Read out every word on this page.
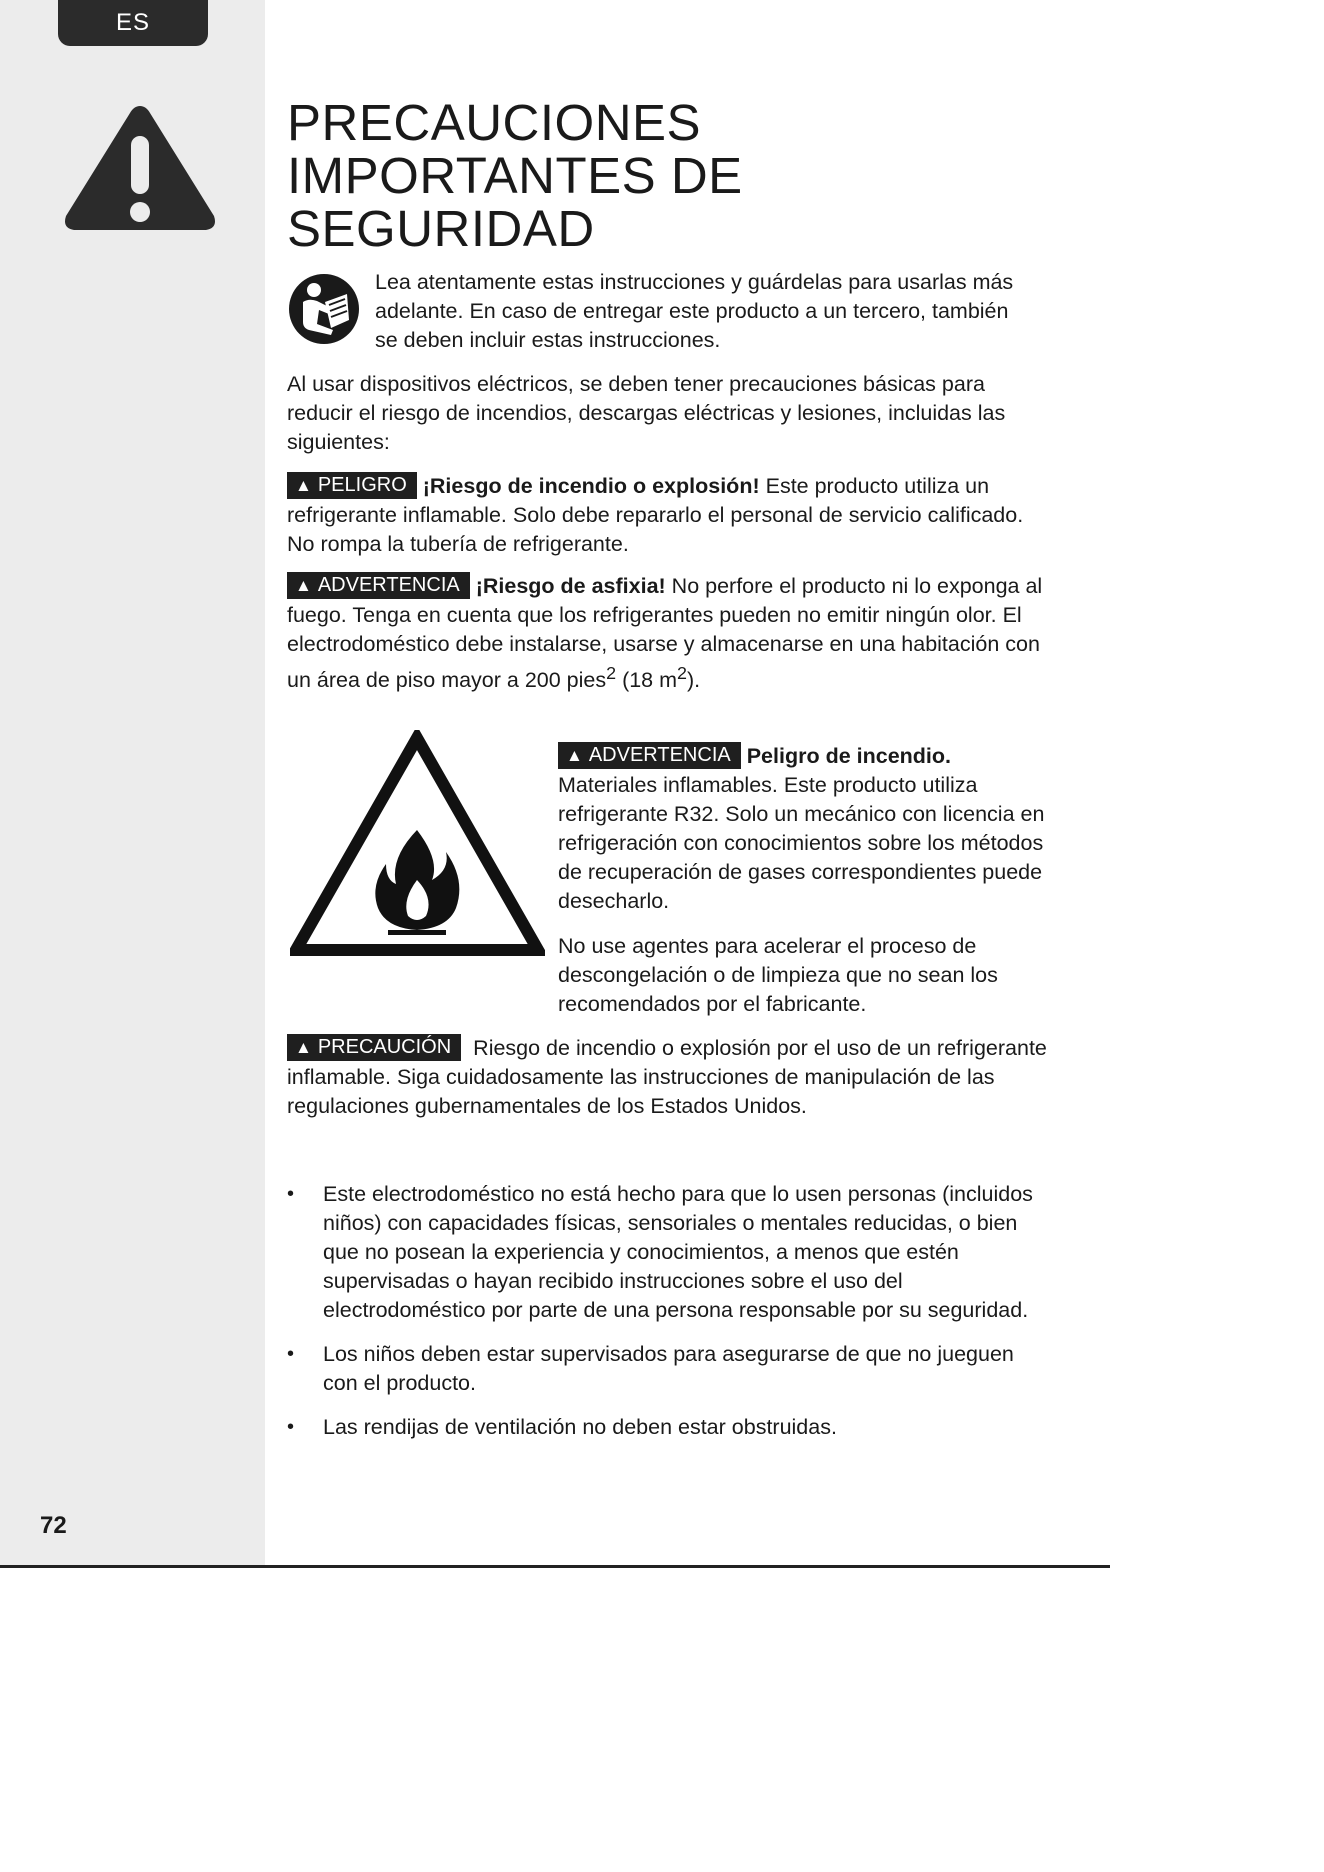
ES
72
PRECAUCIONES
IMPORTANTES DE
SEGURIDAD

Lea atentamente estas instrucciones y guárdelas para usarlas más adelante. En caso de entregar este producto a un tercero, también se deben incluir estas instrucciones.

Al usar dispositivos eléctricos, se deben tener precauciones básicas para reducir el riesgo de incendios, descargas eléctricas y lesiones, incluidas las siguientes:

▲ PELIGRO ¡Riesgo de incendio o explosión! Este producto utiliza un refrigerante inflamable. Solo debe repararlo el personal de servicio calificado. No rompa la tubería de refrigerante.

▲ ADVERTENCIA ¡Riesgo de asfixia! No perfore el producto ni lo exponga al fuego. Tenga en cuenta que los refrigerantes pueden no emitir ningún olor. El electrodoméstico debe instalarse, usarse y almacenarse en una habitación con un área de piso mayor a 200 pies$^2$ (18 $m^2$).

▲ ADVERTENCIA Peligro de incendio. Materiales inflamables. Este producto utiliza refrigerante R32. Solo un mecánico con licencia en refrigeración con conocimientos sobre los métodos de recuperación de gases correspondientes puede desecharlo.

No use agentes para acelerar el proceso de descongelación o de limpieza que no sean los recomendados por el fabricante.

▲ PRECAUCIÓN Riesgo de incendio o explosión por el uso de un refrigerante inflamable. Siga cuidadosamente las instrucciones de manipulación de las regulaciones gubernamentales de los Estados Unidos.

• Este electrodoméstico no está hecho para que lo usen personas (incluidos niños) con capacidades físicas, sensoriales o mentales reducidas, o bien que no posean la experiencia y conocimientos, a menos que estén supervisadas o hayan recibido instrucciones sobre el uso del electrodoméstico por parte de una persona responsable por su seguridad.
• Los niños deben estar supervisados para asegurarse de que no jueguen con el producto.
• Las rendijas de ventilación no deben estar obstruidas.
